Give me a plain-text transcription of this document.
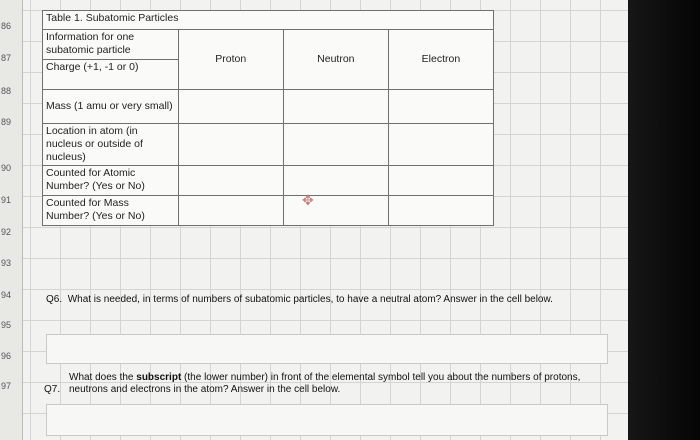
86
87
88
89
90
91
92
93
94
95
96
97
Table 1. Subatomic Particles			
Information for one subatomic particle	Proton	Neutron	Electron
Charge (+1, -1 or 0)			
Mass (1 amu or very small)			
Location in atom (in nucleus or outside of nucleus)			
Counted for Atomic Number? (Yes or No)			
Counted for Mass Number? (Yes or No)			
✥
Q6. What is needed, in terms of numbers of subatomic particles, to have a neutral atom? Answer in the cell below.
Q7.
What does the subscript (the lower number) in front of the elemental symbol tell you about the numbers of protons, neutrons and electrons in the atom? Answer in the cell below.
